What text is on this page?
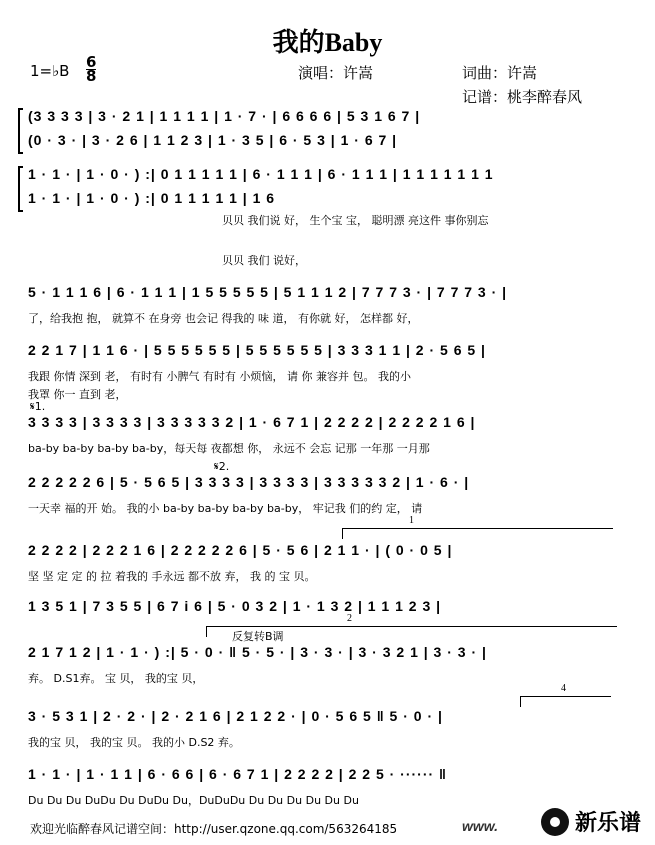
我的Baby
1=♭B $\frac{6}{8}$	演唱：许嵩	词曲：许嵩
记谱：桃李醉春风
(3 3 3 3 | 3 · 2 1 | 1 1 1 1 | 1 · 7 · | 6 6 6 6 | 5 3 1 6 7 |
(0 · 3 · | 3 · 2 6 | 1 1 2 3 | 1 · 3 5 | 6 · 5 3 | 1 · 6 7 |
1 · 1 · | 1 · 0 · ) :| 0 1 1 1 1 1 | 6 · 1 1 1 | 6 · 1 1 1 | 1 1 1 1 1 1 1
1 · 1 · | 1 · 0 · ) :| 0 1 1 1 1 1 | 1 6
贝贝 我们说 好， 生个宝 宝， 聪明漂 亮这件 事你别忘
贝贝 我们 说好，
5 · 1 1 1 6 | 6 · 1 1 1 | 1 5 5 5 5 5 | 5 1 1 1 2 | 7 7 7 3 · | 7 7 7 3 · |
了，给我抱 抱， 就算不 在身旁 也会记 得我的 味 道， 有你就 好， 怎样都 好，
2 2 1 7 | 1 1 6 · | 5 5 5 5 5 5 | 5 5 5 5 5 5 | 3 3 3 1 1 | 2 · 5 6 5 |
我跟 你情 深到 老， 有时有 小脾气 有时有 小烦恼， 请 你 兼容并 包。 我的小
我罩 你一 直到 老，
𝄋1.
3 3 3 3 | 3 3 3 3 | 3 3 3 3 3 2 | 1 · 6 7 1 | 2 2 2 2 | 2 2 2 2 1 6 |
ba-by ba-by ba-by ba-by，每天每 夜都想 你， 永远不 会忘 记那 一年那 一月那
𝄋2.
2 2 2 2 2 6 | 5 · 5 6 5 | 3 3 3 3 | 3 3 3 3 | 3 3 3 3 3 2 | 1 · 6 · |
一天幸 福的开 始。 我的小 ba-by ba-by ba-by ba-by， 牢记我 们的约 定， 请
1
2 2 2 2 | 2 2 2 1 6 | 2 2 2 2 2 6 | 5 · 5 6 | 2 1 1 · | ( 0 · 0 5 |
坚 坚 定 定 的 拉 着我的 手永远 都不放 弃， 我 的 宝 贝。
1 3 5 1 | 7 3 5 5 | 6 7 i 6 | 5 · 0 3 2 | 1 · 1 3 2 | 1 1 1 2 3 |
反复转B调
2
2 1 7 1 2 | 1 · 1 · ) :| 5 · 0 · ‖ 5 · 5 · | 3 · 3 · | 3 · 3 2 1 | 3 · 3 · |
弃。 D.S1弃。 宝 贝， 我的宝 贝，
4
3 · 5 3 1 | 2 · 2 · | 2 · 2 1 6 | 2 1 2 2 · | 0 · 5 6 5 ‖ 5 · 0 · |
我的宝 贝， 我的宝 贝。 我的小 D.S2 弃。
1 · 1 · | 1 · 1 1 | 6 · 6 6 | 6 · 6 7 1 | 2 2 2 2 | 2 2 5 · ······ ‖
Du Du Du DuDu Du DuDu Du，DuDuDu Du Du Du Du Du Du
欢迎光临醉春风记谱空间：http://user.qzone.qq.com/563264185	www.	新乐谱
